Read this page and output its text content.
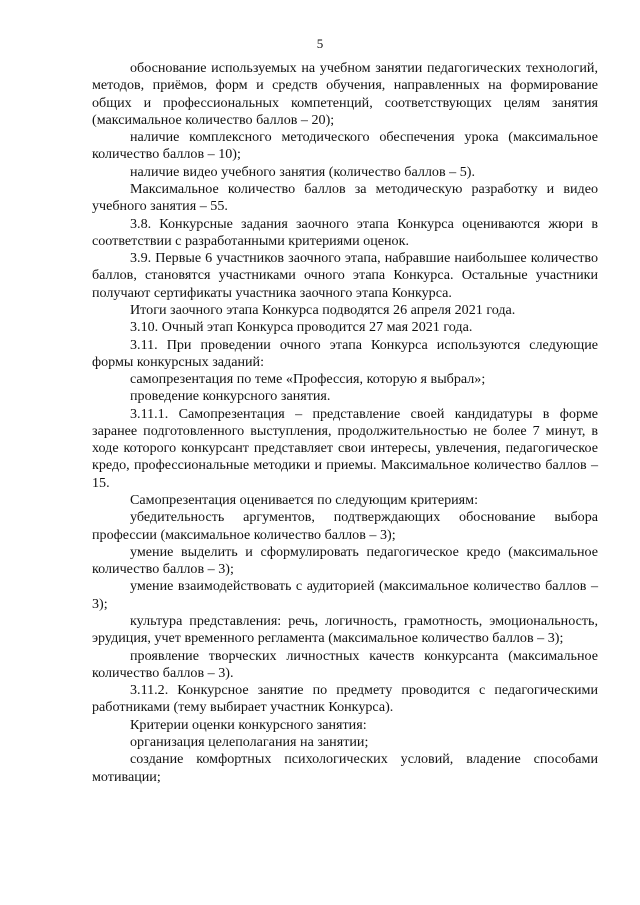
5

обоснование используемых на учебном занятии педагогических технологий, методов, приёмов, форм и средств обучения, направленных на формирование общих и профессиональных компетенций, соответствующих целям занятия (максимальное количество баллов – 20);

наличие комплексного методического обеспечения урока (максимальное количество баллов – 10);

наличие видео учебного занятия (количество баллов – 5).

Максимальное количество баллов за методическую разработку и видео учебного занятия – 55.

3.8. Конкурсные задания заочного этапа Конкурса оцениваются жюри в соответствии с разработанными критериями оценок.

3.9. Первые 6 участников заочного этапа, набравшие наибольшее количество баллов, становятся участниками очного этапа Конкурса. Остальные участники получают сертификаты участника заочного этапа Конкурса.

Итоги заочного этапа Конкурса подводятся 26 апреля 2021 года.

3.10. Очный этап Конкурса проводится 27 мая 2021 года.

3.11. При проведении очного этапа Конкурса используются следующие формы конкурсных заданий:

самопрезентация по теме «Профессия, которую я выбрал»;

проведение конкурсного занятия.

3.11.1. Самопрезентация – представление своей кандидатуры в форме заранее подготовленного выступления, продолжительностью не более 7 минут, в ходе которого конкурсант представляет свои интересы, увлечения, педагогическое кредо, профессиональные методики и приемы. Максимальное количество баллов – 15.

Самопрезентация оценивается по следующим критериям:

убедительность аргументов, подтверждающих обоснование выбора профессии (максимальное количество баллов – 3);

умение выделить и сформулировать педагогическое кредо (максимальное количество баллов – 3);

умение взаимодействовать с аудиторией (максимальное количество баллов – 3);

культура представления: речь, логичность, грамотность, эмоциональность, эрудиция, учет временного регламента (максимальное количество баллов – 3);

проявление творческих личностных качеств конкурсанта (максимальное количество баллов – 3).

3.11.2. Конкурсное занятие по предмету проводится с педагогическими работниками (тему выбирает участник Конкурса).

Критерии оценки конкурсного занятия:

организация целеполагания на занятии;

создание комфортных психологических условий, владение способами мотивации;
